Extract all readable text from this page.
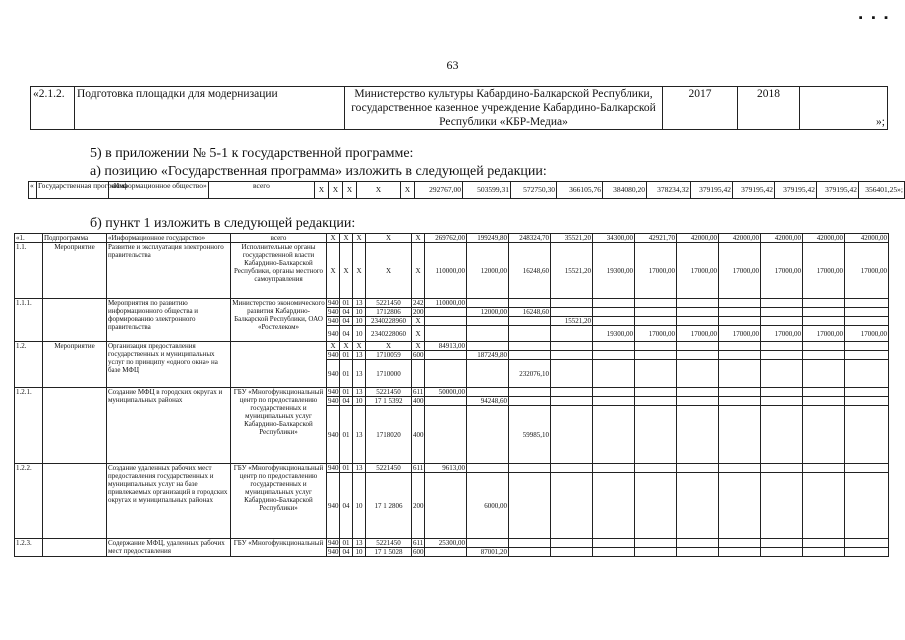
63
▪ ▪ ▪
«2.1.2.	Подготовка площадки для модернизации	Министерство культуры Кабардино-Балкарской Республики, государственное казенное учреждение Кабардино-Балкарской Республики «КБР-Медиа»	2017	2018	»;
5) в приложении № 5-1 к государственной программе:
а) позицию «Государственная программа» изложить в следующей редакции:
«	Государственная программа	«Информационное общество»	всего	X	X	X	X	X	292767,00	503599,31	572750,30	366105,76	384080,20	378234,32	379195,42	379195,42	379195,42	379195,42	356401,25»;
б) пункт 1 изложить в следующей редакции:
«1.	Подпрограмма	«Информационное государство»	всего	X	X	X	X	X	269762,00	199249,80	248324,70	35521,20	34300,00	42921,70	42000,00	42000,00	42000,00	42000,00	42000,00
1.1.	Мероприятие	Развитие и эксплуатация электронного правительства	Исполнительные органы государственной власти Кабардино-Балкарской Республики, органы местного самоуправления	X	X	X	X	X	110000,00	12000,00	16248,60	15521,20	19300,00	17000,00	17000,00	17000,00	17000,00	17000,00	17000,00
1.1.1.		Мероприятия по развитию информационного общества и формированию электронного правительства	Министерство экономического развития Кабардино-Балкарской Республики, ОАО «Ростелеком»	940	01	13	5221450	242	110000,00										
				940	04	10	1712806	200		12000,00	16248,60								
				940	04	10	2340228960	X				15521,20							
				940	04	10	2340228060	X					19300,00	17000,00	17000,00	17000,00	17000,00	17000,00	17000,00
1.2.	Мероприятие	Организация предоставления государственных и муниципальных услуг по принципу «одного окна» на базе МФЦ		X	X	X	X	X	84913,00										
				940	01	13	1710059	600		187249,80									
				940	01	13	1710000				232076,10								
1.2.1.		Создание МФЦ в городских округах и муниципальных районах	ГБУ «Многофункциональный центр по предоставлению государственных и муниципальных услуг Кабардино-Балкарской Республики»	940	01	13	5221450	611	50000,00										
				940	04	10	17 1 5392	400		94248,60									
				940	01	13	1718020	400			59985,10								
1.2.2.		Создание удаленных рабочих мест предоставления государственных и муниципальных услуг на базе привлекаемых организаций в городских округах и муниципальных районах	ГБУ «Многофункциональный центр по предоставлению государственных и муниципальных услуг Кабардино-Балкарской Республики»	940	01	13	5221450	611	9613,00										
				940	04	10	17 1 2806	200		6000,00									
1.2.3.		Содержание МФЦ, удаленных рабочих мест предоставления	ГБУ «Многофункциональный	940	01	13	5221450	611	25300,00										
				940	04	10	17 1 5028	600		87001,20									
